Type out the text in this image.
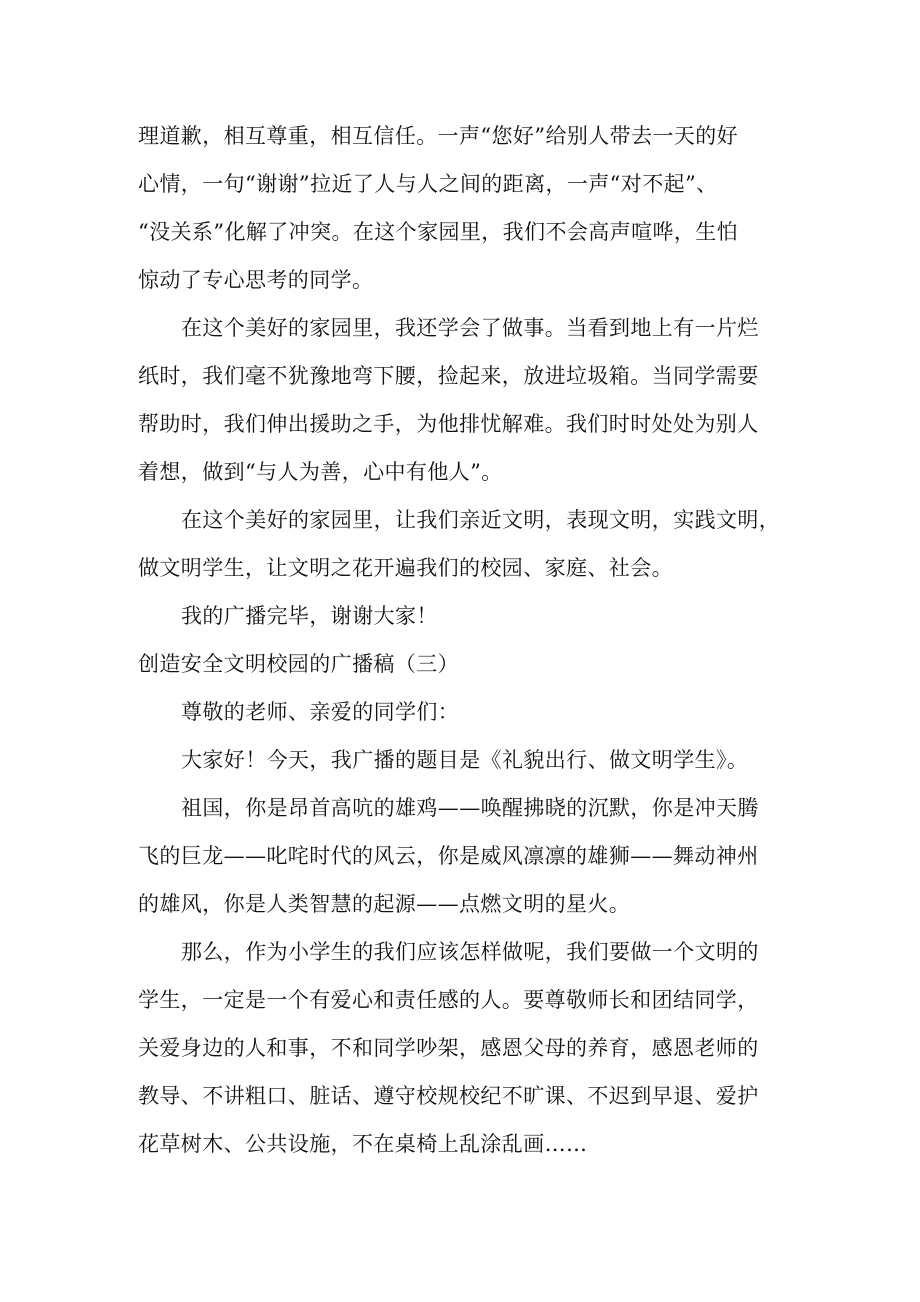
理道歉，相互尊重，相互信任。一声“您好”给别人带去一天的好
心情，一句“谢谢”拉近了人与人之间的距离，一声“对不起”、
“没关系”化解了冲突。在这个家园里，我们不会高声喧哗，生怕
惊动了专心思考的同学。
在这个美好的家园里，我还学会了做事。当看到地上有一片烂
纸时，我们毫不犹豫地弯下腰，捡起来，放进垃圾箱。当同学需要
帮助时，我们伸出援助之手，为他排忧解难。我们时时处处为别人
着想，做到“与人为善，心中有他人”。
在这个美好的家园里，让我们亲近文明，表现文明，实践文明，
做文明学生，让文明之花开遍我们的校园、家庭、社会。
我的广播完毕，谢谢大家！
创造安全文明校园的广播稿（三）
尊敬的老师、亲爱的同学们：
大家好！今天，我广播的题目是《礼貌出行、做文明学生》。
祖国，你是昂首高吭的雄鸡——唤醒拂晓的沉默，你是冲天腾
飞的巨龙——叱咤时代的风云，你是威风凛凛的雄狮——舞动神州
的雄风，你是人类智慧的起源——点燃文明的星火。
那么，作为小学生的我们应该怎样做呢，我们要做一个文明的
学生，一定是一个有爱心和责任感的人。要尊敬师长和团结同学，
关爱身边的人和事，不和同学吵架，感恩父母的养育，感恩老师的
教导、不讲粗口、脏话、遵守校规校纪不旷课、不迟到早退、爱护
花草树木、公共设施，不在桌椅上乱涂乱画……
